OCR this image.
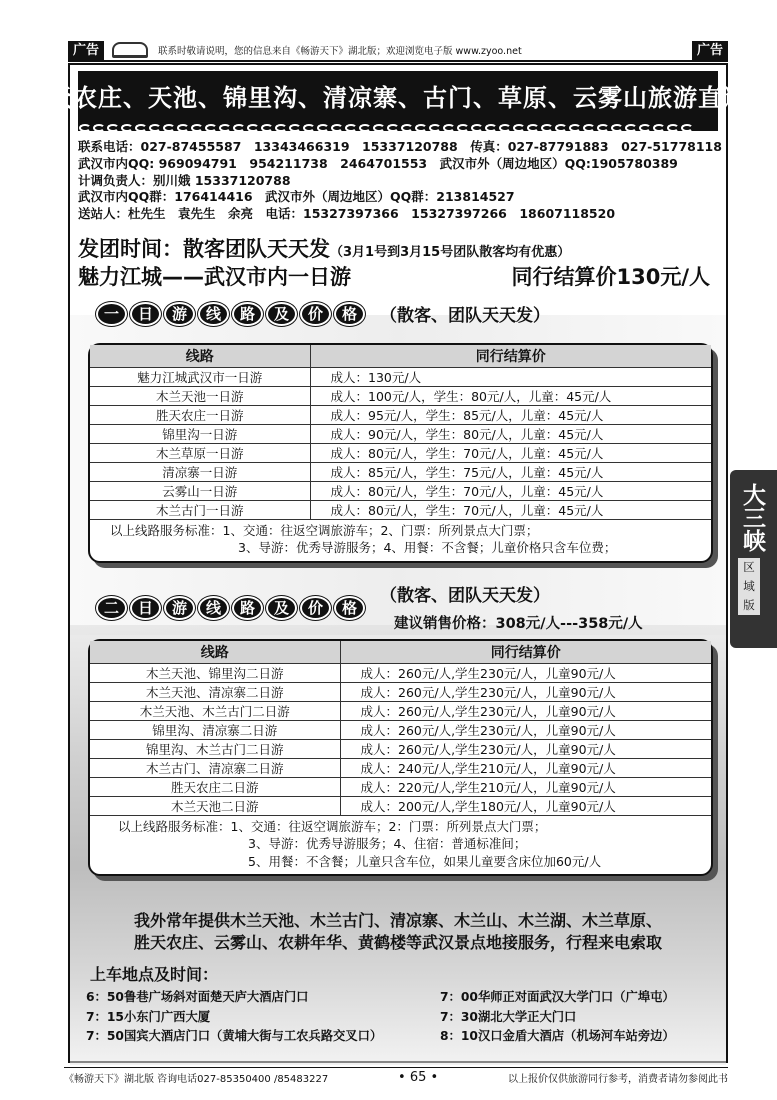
广告	联系时敬请说明，您的信息来自《畅游天下》湖北版；欢迎浏览电子版 www.zyoo.net	广告
胜天农庄、天池、锦里沟、清凉寨、古门、草原、云雾山旅游直通车
联系电话：027-87455587　13343466319　15337120788　传真：027-87791883　027-51778118
武汉市内QQ: 969094791　954211738　2464701553　武汉市外（周边地区）QQ:1905780389
计调负责人：别川娥 15337120788
武汉市内QQ群：176414416　武汉市外（周边地区）QQ群：213814527
送站人：杜先生　袁先生　余亮　电话：15327397366　15327397266　18607118520
发团时间：散客团队天天发（3月1号到3月15号团队散客均有优惠）
魅力江城——武汉市内一日游	同行结算价130元/人
一	日	游	线	路	及	价	格	（散客、团队天天发）
线路	同行结算价
魅力江城武汉市一日游	成人：130元/人
木兰天池一日游	成人：100元/人，学生：80元/人，儿童：45元/人
胜天农庄一日游	成人：95元/人，学生：85元/人，儿童：45元/人
锦里沟一日游	成人：90元/人，学生：80元/人，儿童：45元/人
木兰草原一日游	成人：80元/人，学生：70元/人，儿童：45元/人
清凉寨一日游	成人：85元/人，学生：75元/人，儿童：45元/人
云雾山一日游	成人：80元/人，学生：70元/人，儿童：45元/人
木兰古门一日游	成人：80元/人，学生：70元/人，儿童：45元/人
以上线路服务标准：1、交通：往返空调旅游车；2、门票：所列景点大门票；
3、导游：优秀导游服务；4、用餐：不含餐；儿童价格只含车位费；
二	日	游	线	路	及	价	格
（散客、团队天天发）
建议销售价格：308元/人---358元/人
线路	同行结算价
木兰天池、锦里沟二日游	成人：260元/人,学生230元/人，儿童90元/人
木兰天池、清凉寨二日游	成人：260元/人,学生230元/人，儿童90元/人
木兰天池、木兰古门二日游	成人：260元/人,学生230元/人，儿童90元/人
锦里沟、清凉寨二日游	成人：260元/人,学生230元/人，儿童90元/人
锦里沟、木兰古门二日游	成人：260元/人,学生230元/人，儿童90元/人
木兰古门、清凉寨二日游	成人：240元/人,学生210元/人，儿童90元/人
胜天农庄二日游	成人：220元/人,学生210元/人，儿童90元/人
木兰天池二日游	成人：200元/人,学生180元/人，儿童90元/人
以上线路服务标准：1、交通：往返空调旅游车；2：门票：所列景点大门票；
3、导游：优秀导游服务；4、住宿：普通标准间；
5、用餐：不含餐；儿童只含车位，如果儿童要含床位加60元/人
我外常年提供木兰天池、木兰古门、清凉寨、木兰山、木兰湖、木兰草原、
胜天农庄、云雾山、农耕年华、黄鹤楼等武汉景点地接服务，行程来电索取
上车地点及时间：
6：50鲁巷广场斜对面楚天庐大酒店门口
7：15小东门广西大厦
7：50国宾大酒店门口（黄埔大街与工农兵路交叉口）
7：00华师正对面武汉大学门口（广埠屯）
7：30湖北大学正大门口
8：10汉口金盾大酒店（机场河车站旁边）
大三峡
区
域
版
《畅游天下》湖北版 咨询电话027-85350400 /85483227	• 65 •	以上报价仅供旅游同行参考，消费者请勿参阅此书
